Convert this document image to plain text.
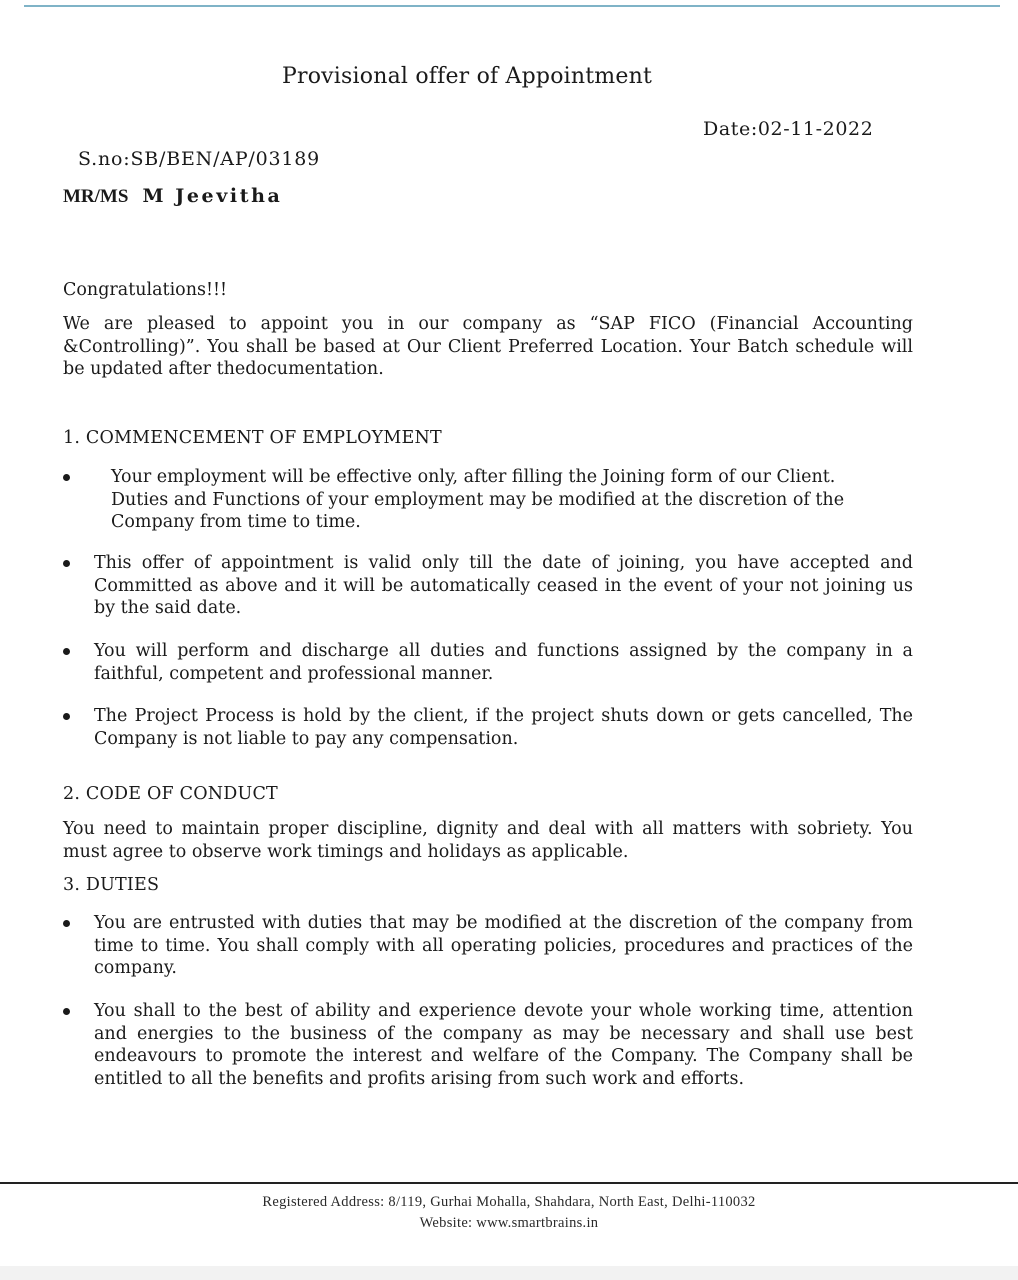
Provisional offer of Appointment
Date:02-11-2022
S.no:SB/BEN/AP/03189
MR/MS M Jeevitha
Congratulations!!!
We are pleased to appoint you in our company as “SAP FICO (Financial Accounting &Controlling)”. You shall be based at Our Client Preferred Location. Your Batch schedule will be updated after thedocumentation.
1. COMMENCEMENT OF EMPLOYMENT
Your employment will be effective only, after filling the Joining form of our Client. Duties and Functions of your employment may be modified at the discretion of the Company from time to time.
This offer of appointment is valid only till the date of joining, you have accepted and Committed as above and it will be automatically ceased in the event of your not joining us by the said date.
You will perform and discharge all duties and functions assigned by the company in a faithful, competent and professional manner.
The Project Process is hold by the client, if the project shuts down or gets cancelled, The Company is not liable to pay any compensation.
2. CODE OF CONDUCT
You need to maintain proper discipline, dignity and deal with all matters with sobriety. You must agree to observe work timings and holidays as applicable.
3. DUTIES
You are entrusted with duties that may be modified at the discretion of the company from time to time. You shall comply with all operating policies, procedures and practices of the company.
You shall to the best of ability and experience devote your whole working time, attention and energies to the business of the company as may be necessary and shall use best endeavours to promote the interest and welfare of the Company. The Company shall be entitled to all the benefits and profits arising from such work and efforts.
Registered Address: 8/119, Gurhai Mohalla, Shahdara, North East, Delhi-110032
Website: www.smartbrains.in
